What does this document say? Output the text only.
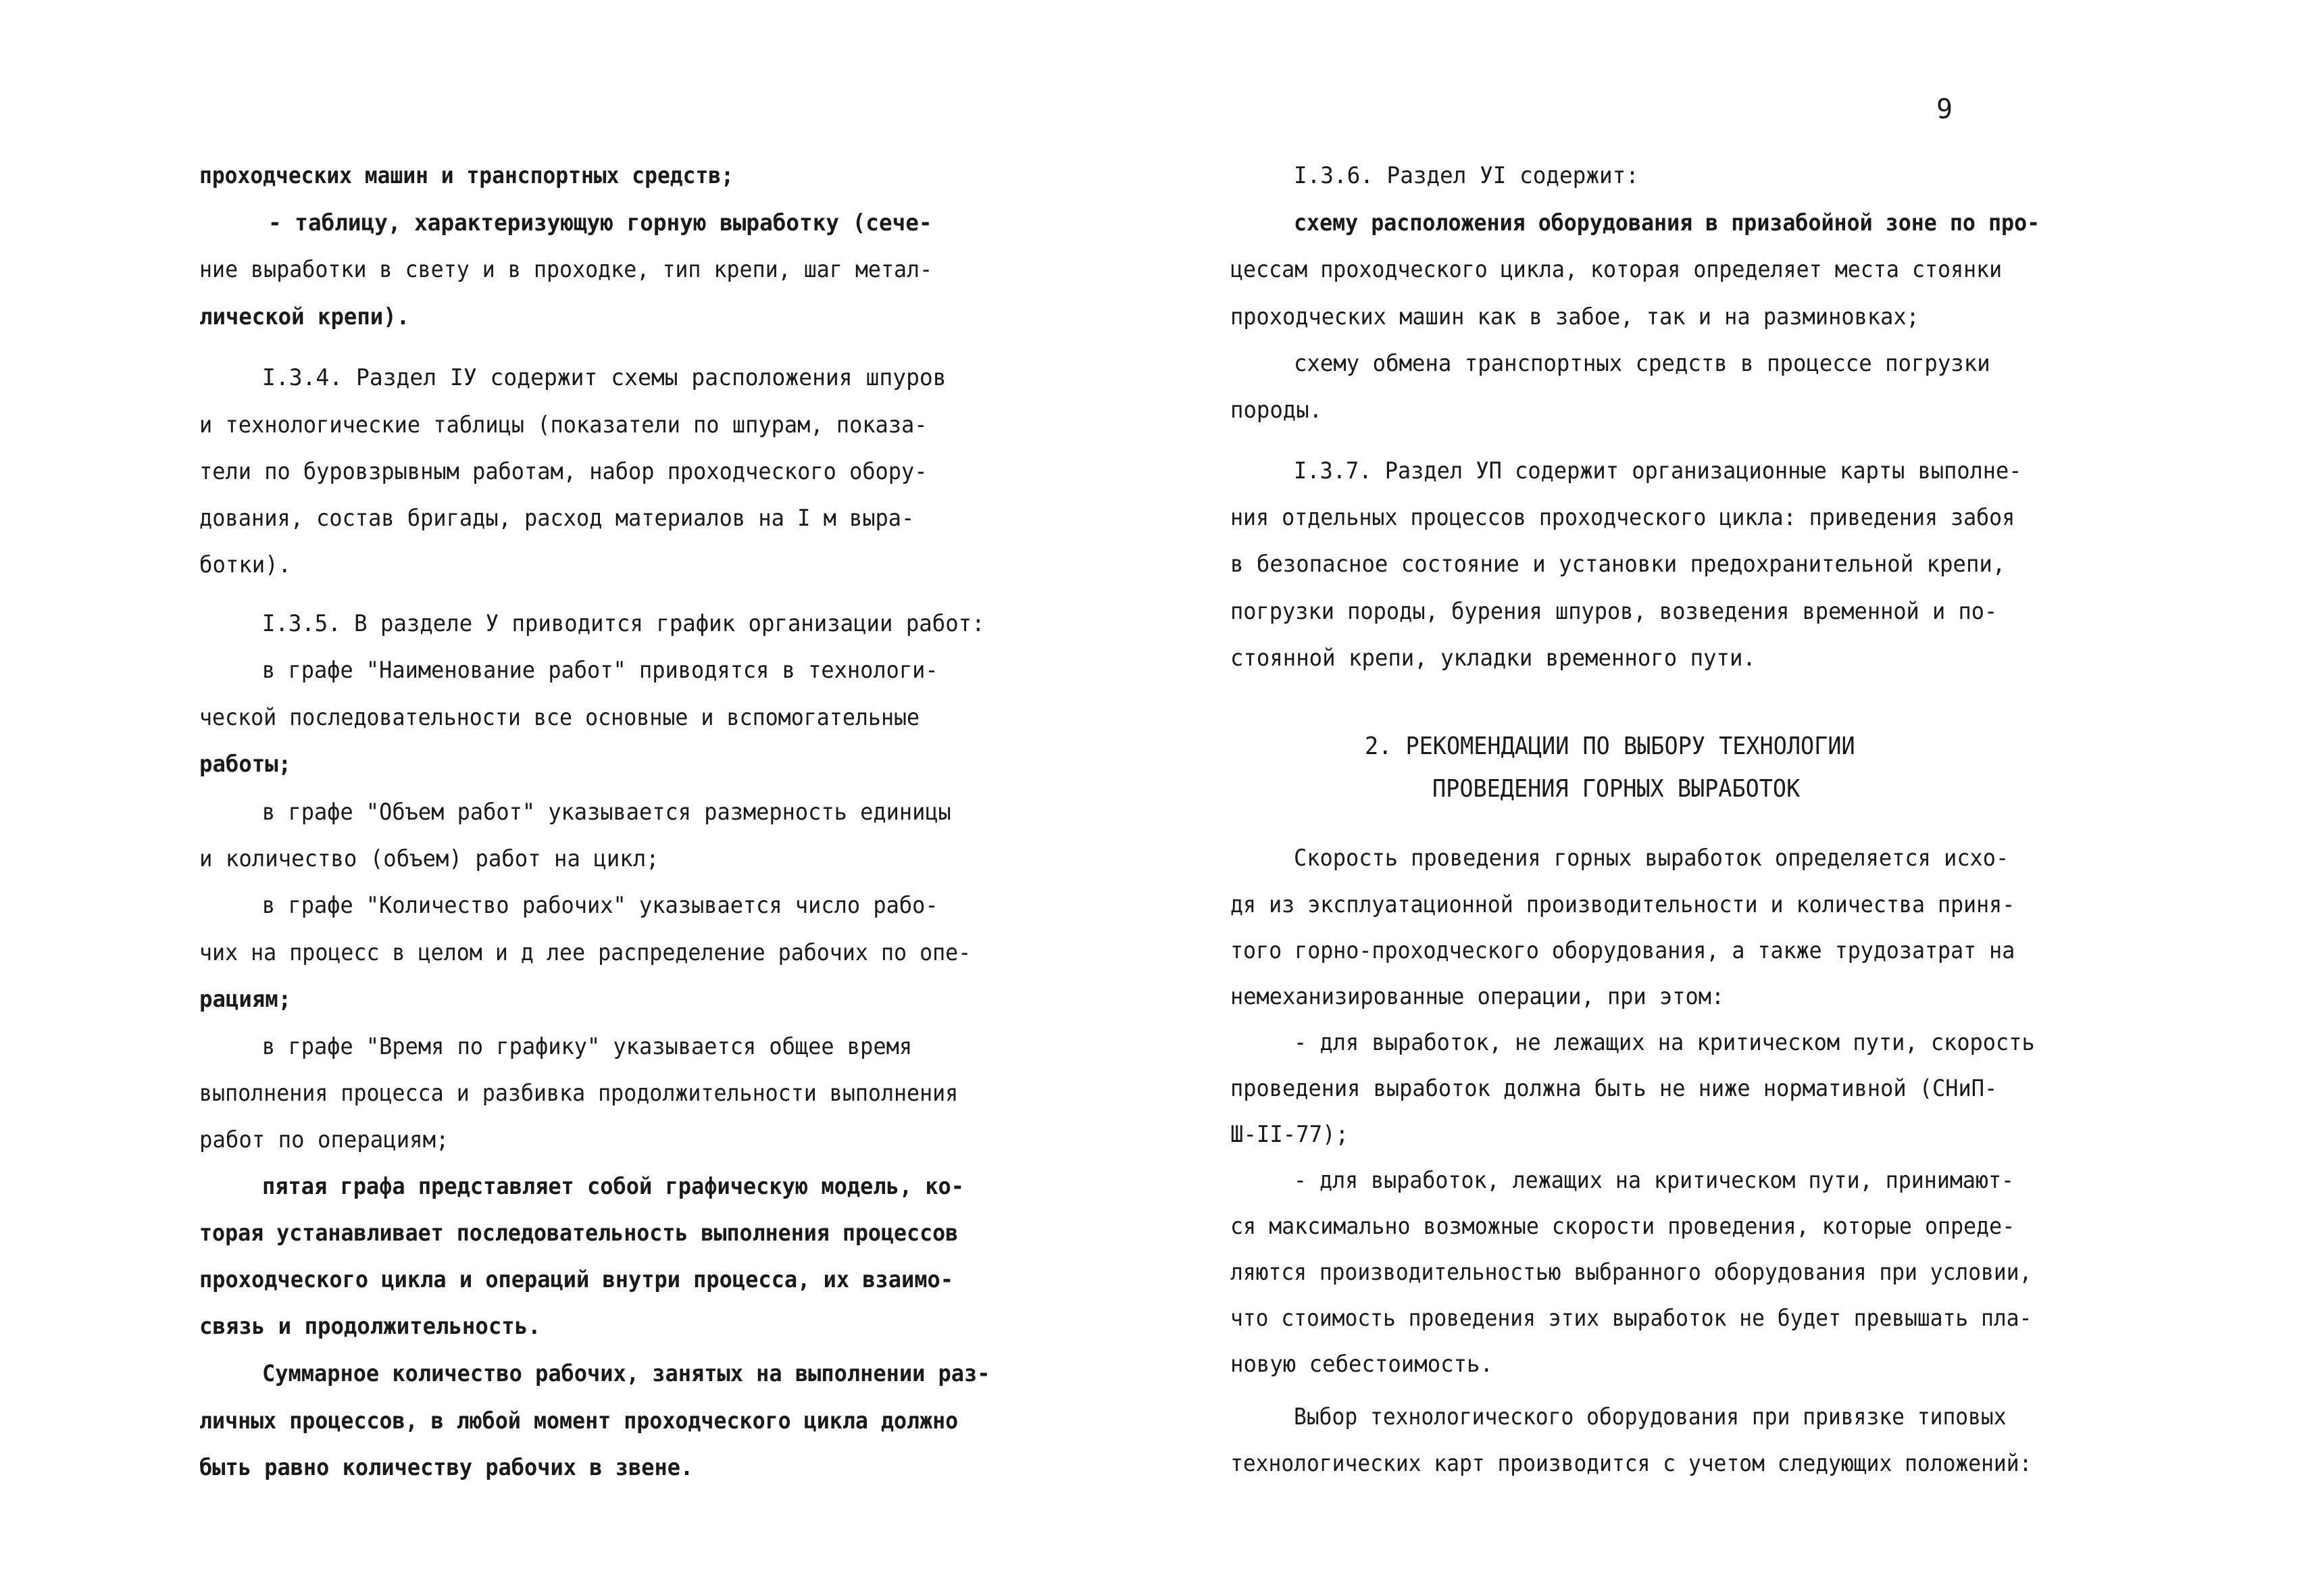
9
проходческих машин и транспортных средств;
- таблицу, характеризующую горную выработку (сече-
ние выработки в свету и в проходке, тип крепи, шаг метал-
лической крепи).
I.3.4. Раздел IУ содержит схемы расположения шпуров
и технологические таблицы (показатели по шпурам, показа-
тели по буровзрывным работам, набор проходческого обору-
дования, состав бригады, расход материалов на I м выра-
ботки).
I.3.5. В разделе У приводится график организации работ:
в графе "Наименование работ" приводятся в технологи-
ческой последовательности все основные и вспомогательные
работы;
в графе "Объем работ" указывается размерность единицы
и количество (объем) работ на цикл;
в графе "Количество рабочих" указывается число рабо-
чих на процесс в целом и д лее распределение рабочих по опе-
рациям;
в графе "Время по графику" указывается общее время
выполнения процесса и разбивка продолжительности выполнения
работ по операциям;
пятая графа представляет собой графическую модель, ко-
торая устанавливает последовательность выполнения процессов
проходческого цикла и операций внутри процесса, их взаимо-
связь и продолжительность.
Суммарное количество рабочих, занятых на выполнении раз-
личных процессов, в любой момент проходческого цикла должно
быть равно количеству рабочих в звене.
I.3.6. Раздел УI содержит:
схему расположения оборудования в призабойной зоне по про-
цессам проходческого цикла, которая определяет места стоянки
проходческих машин как в забое, так и на разминовках;
схему обмена транспортных средств в процессе погрузки
породы.
I.3.7. Раздел УП содержит организационные карты выполне-
ния отдельных процессов проходческого цикла: приведения забоя
в безопасное состояние и установки предохранительной крепи,
погрузки породы, бурения шпуров, возведения временной и по-
стоянной крепи, укладки временного пути.
2. РЕКОМЕНДАЦИИ ПО ВЫБОРУ ТЕХНОЛОГИИ
ПРОВЕДЕНИЯ ГОРНЫХ ВЫРАБОТОК
Скорость проведения горных выработок определяется исхо-
дя из эксплуатационной производительности и количества приня-
того горно-проходческого оборудования, а также трудозатрат на
немеханизированные операции, при этом:
- для выработок, не лежащих на критическом пути, скорость
проведения выработок должна быть не ниже нормативной (СНиП-
Ш-II-77);
- для выработок, лежащих на критическом пути, принимают-
ся максимально возможные скорости проведения, которые опреде-
ляются производительностью выбранного оборудования при условии,
что стоимость проведения этих выработок не будет превышать пла-
новую себестоимость.
Выбор технологического оборудования при привязке типовых
технологических карт производится с учетом следующих положений:
